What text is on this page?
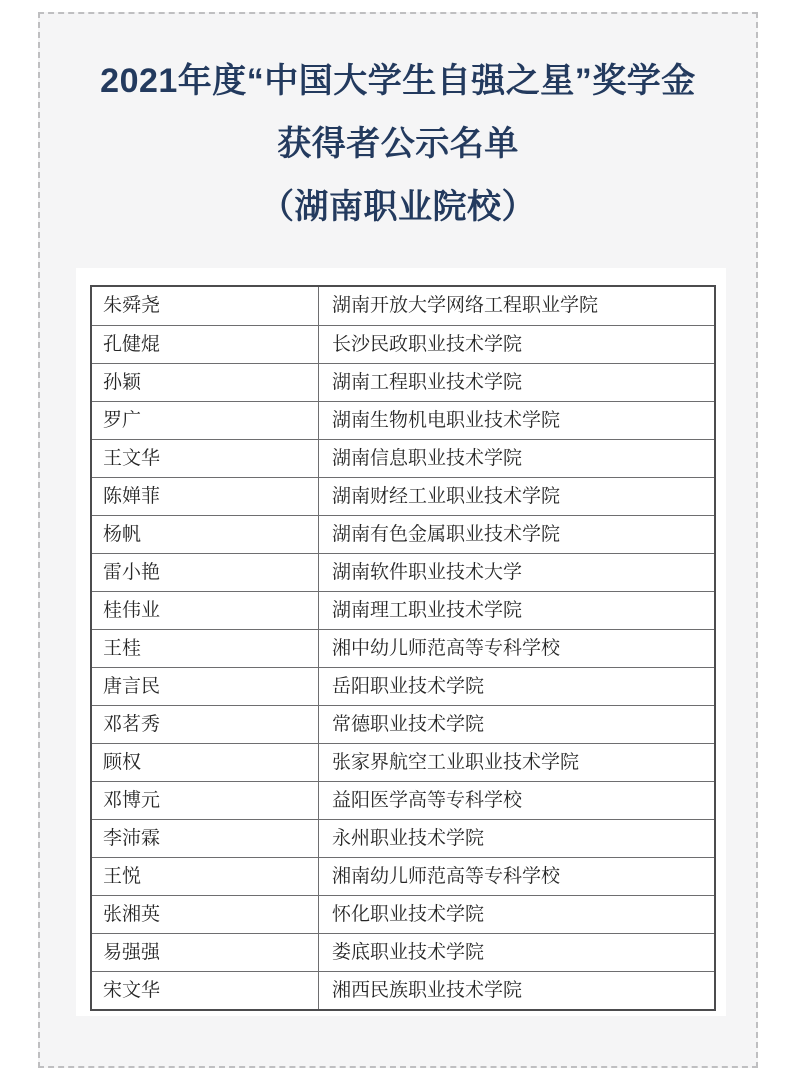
2021年度“中国大学生自强之星”奖学金
获得者公示名单
（湖南职业院校）
朱舜尧	湖南开放大学网络工程职业学院
孔健焜	长沙民政职业技术学院
孙颖	湖南工程职业技术学院
罗广	湖南生物机电职业技术学院
王文华	湖南信息职业技术学院
陈婵菲	湖南财经工业职业技术学院
杨帆	湖南有色金属职业技术学院
雷小艳	湖南软件职业技术大学
桂伟业	湖南理工职业技术学院
王桂	湘中幼儿师范高等专科学校
唐言民	岳阳职业技术学院
邓茗秀	常德职业技术学院
顾权	张家界航空工业职业技术学院
邓博元	益阳医学高等专科学校
李沛霖	永州职业技术学院
王悦	湘南幼儿师范高等专科学校
张湘英	怀化职业技术学院
易强强	娄底职业技术学院
宋文华	湘西民族职业技术学院
